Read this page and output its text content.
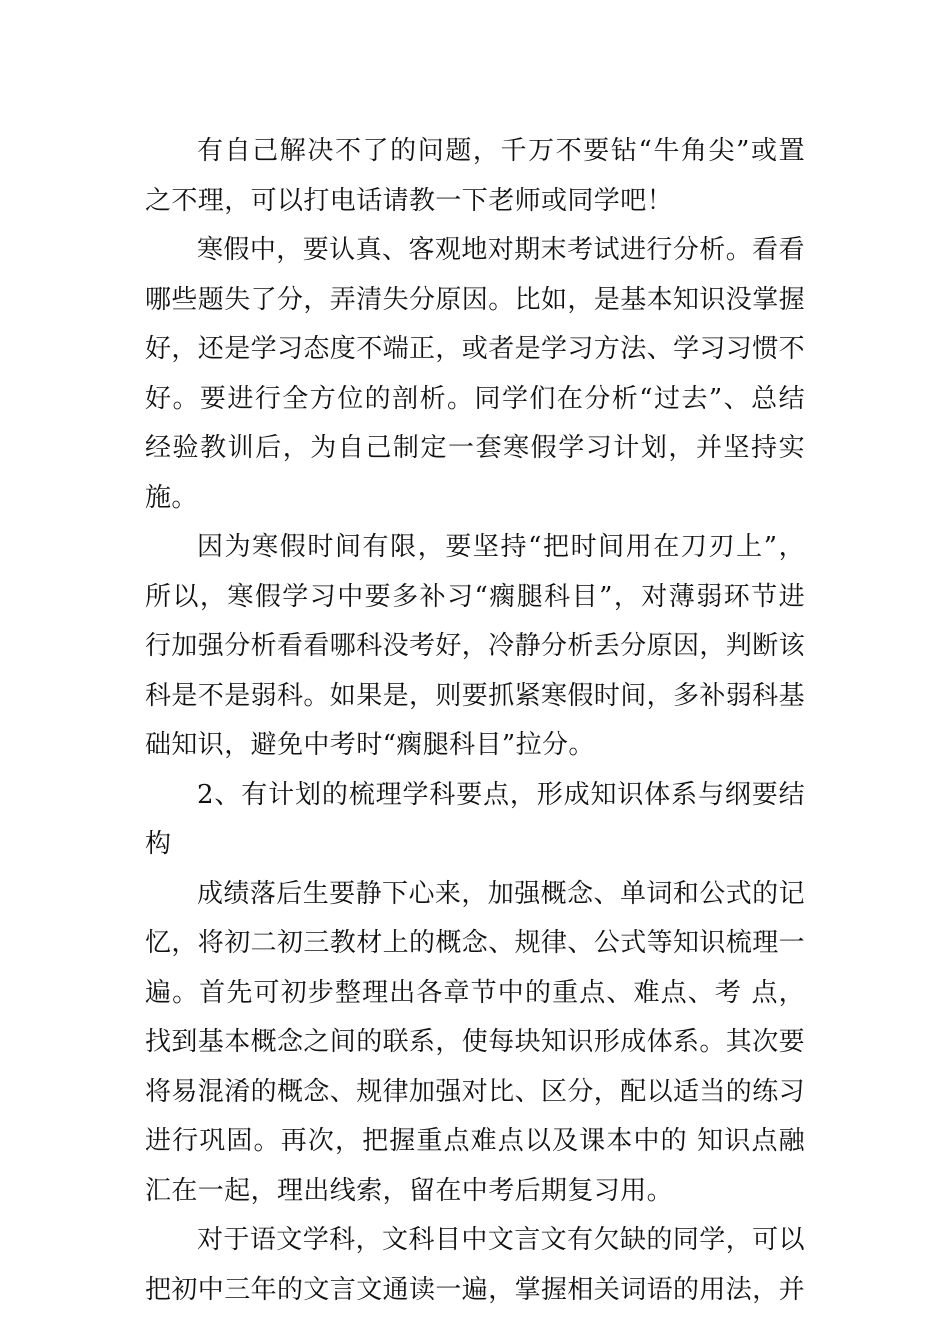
有自己解决不了的问题，千万不要钻“牛角尖”或置之不理，可以打电话请教一下老师或同学吧！

寒假中，要认真、客观地对期末考试进行分析。看看哪些题失了分，弄清失分原因。比如，是基本知识没掌握好，还是学习态度不端正，或者是学习方法、学习习惯不好。要进行全方位的剖析。同学们在分析“过去”、总结经验教训后，为自己制定一套寒假学习计划，并坚持实施。

因为寒假时间有限，要坚持“把时间用在刀刃上”，所以，寒假学习中要多补习“瘸腿科目”，对薄弱环节进行加强分析看看哪科没考好，冷静分析丢分原因，判断该科是不是弱科。如果是，则要抓紧寒假时间，多补弱科基础知识，避免中考时“瘸腿科目”拉分。

2、有计划的梳理学科要点，形成知识体系与纲要结构

成绩落后生要静下心来，加强概念、单词和公式的记忆，将初二初三教材上的概念、规律、公式等知识梳理一遍。首先可初步整理出各章节中的重点、难点、考 点，找到基本概念之间的联系，使每块知识形成体系。其次要将易混淆的概念、规律加强对比、区分，配以适当的练习进行巩固。再次，把握重点难点以及课本中的 知识点融汇在一起，理出线索，留在中考后期复习用。

对于语文学科，文科目中文言文有欠缺的同学，可以把初中三年的文言文通读一遍，掌握相关词语的用法，并
